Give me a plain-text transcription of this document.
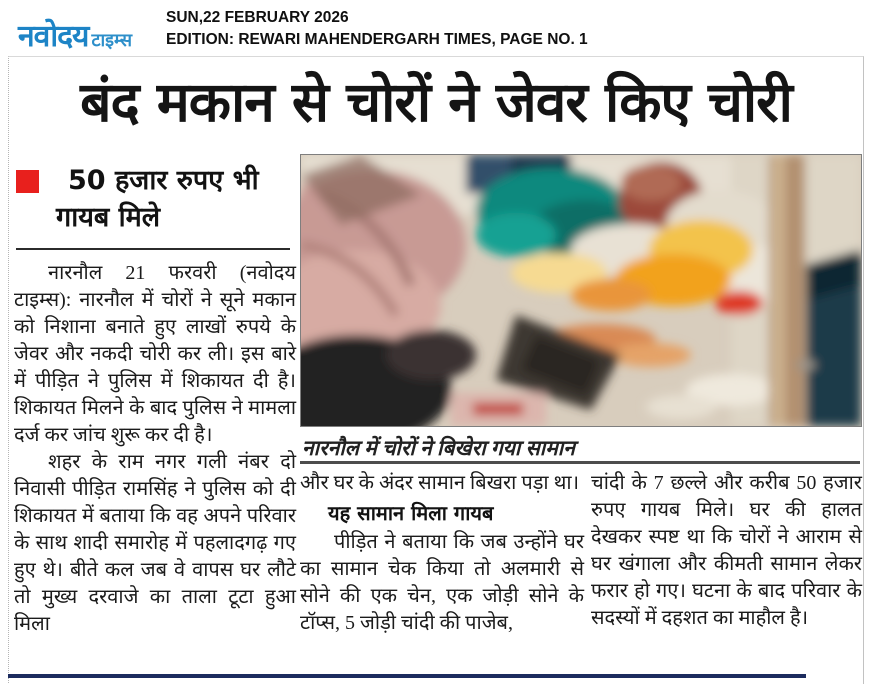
नवोदय टाइम्स
SUN,22 FEBRUARY 2026
EDITION: REWARI MAHENDERGARH TIMES, PAGE NO. 1
बंद मकान से चोरों ने जेवर किए चोरी
50 हजार रुपए भी गायब मिले

नारनौल 21 फरवरी (नवोदय टाइम्स): नारनौल में चोरों ने सूने मकान को निशाना बनाते हुए लाखों रुपये के जेवर और नकदी चोरी कर ली। इस बारे में पीड़ित ने पुलिस में शिकायत दी है। शिकायत मिलने के बाद पुलिस ने मामला दर्ज कर जांच शुरू कर दी है।

शहर के राम नगर गली नंबर दो निवासी पीड़ित रामसिंह ने पुलिस को दी शिकायत में बताया कि वह अपने परिवार के साथ शादी समारोह में पहलादगढ़ गए हुए थे। बीते कल जब वे वापस घर लौटे तो मुख्य दरवाजे का ताला टूटा हुआ मिला

नारनौल में चोरों ने बिखेरा गया सामान

और घर के अंदर सामान बिखरा पड़ा था।

यह सामान मिला गायब

पीड़ित ने बताया कि जब उन्होंने घर का सामान चेक किया तो अलमारी से सोने की एक चेन, एक जोड़ी सोने के टॉप्स, 5 जोड़ी चांदी की पाजेब,

चांदी के 7 छल्ले और करीब 50 हजार रुपए गायब मिले। घर की हालत देखकर स्पष्ट था कि चोरों ने आराम से घर खंगाला और कीमती सामान लेकर फरार हो गए। घटना के बाद परिवार के सदस्यों में दहशत का माहौल है।
